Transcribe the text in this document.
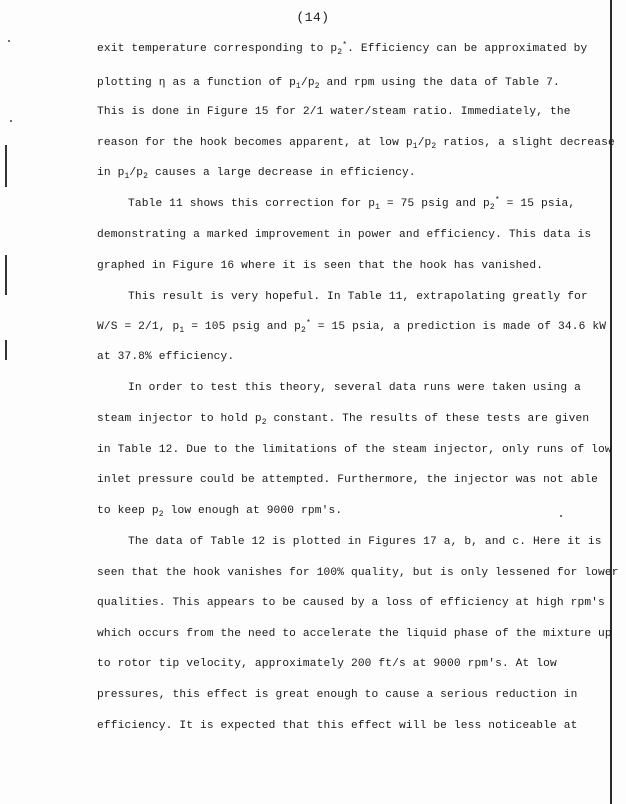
(14)
exit temperature corresponding to $p_2^*$. Efficiency can be approximated by
plotting η as a function of $p_1/p_2$ and rpm using the data of Table 7.
This is done in Figure 15 for 2/1 water/steam ratio. Immediately, the
reason for the hook becomes apparent, at low $p_1/p_2$ ratios, a slight decrease
in $p_1/p_2$ causes a large decrease in efficiency.
Table 11 shows this correction for $p_1 = 75$ psig and $p_2^* = 15$ psia,
demonstrating a marked improvement in power and efficiency. This data is
graphed in Figure 16 where it is seen that the hook has vanished.
This result is very hopeful. In Table 11, extrapolating greatly for
W/S = 2/1, $p_1 = 105$ psig and $p_2^* = 15$ psia, a prediction is made of 34.6 kW
at 37.8% efficiency.
In order to test this theory, several data runs were taken using a
steam injector to hold $p_2$ constant. The results of these tests are given
in Table 12. Due to the limitations of the steam injector, only runs of low
inlet pressure could be attempted. Furthermore, the injector was not able
to keep $p_2$ low enough at 9000 rpm's.
The data of Table 12 is plotted in Figures 17 a, b, and c. Here it is
seen that the hook vanishes for 100% quality, but is only lessened for lower
qualities. This appears to be caused by a loss of efficiency at high rpm's
which occurs from the need to accelerate the liquid phase of the mixture up
to rotor tip velocity, approximately 200 ft/s at 9000 rpm's. At low
pressures, this effect is great enough to cause a serious reduction in
efficiency. It is expected that this effect will be less noticeable at
